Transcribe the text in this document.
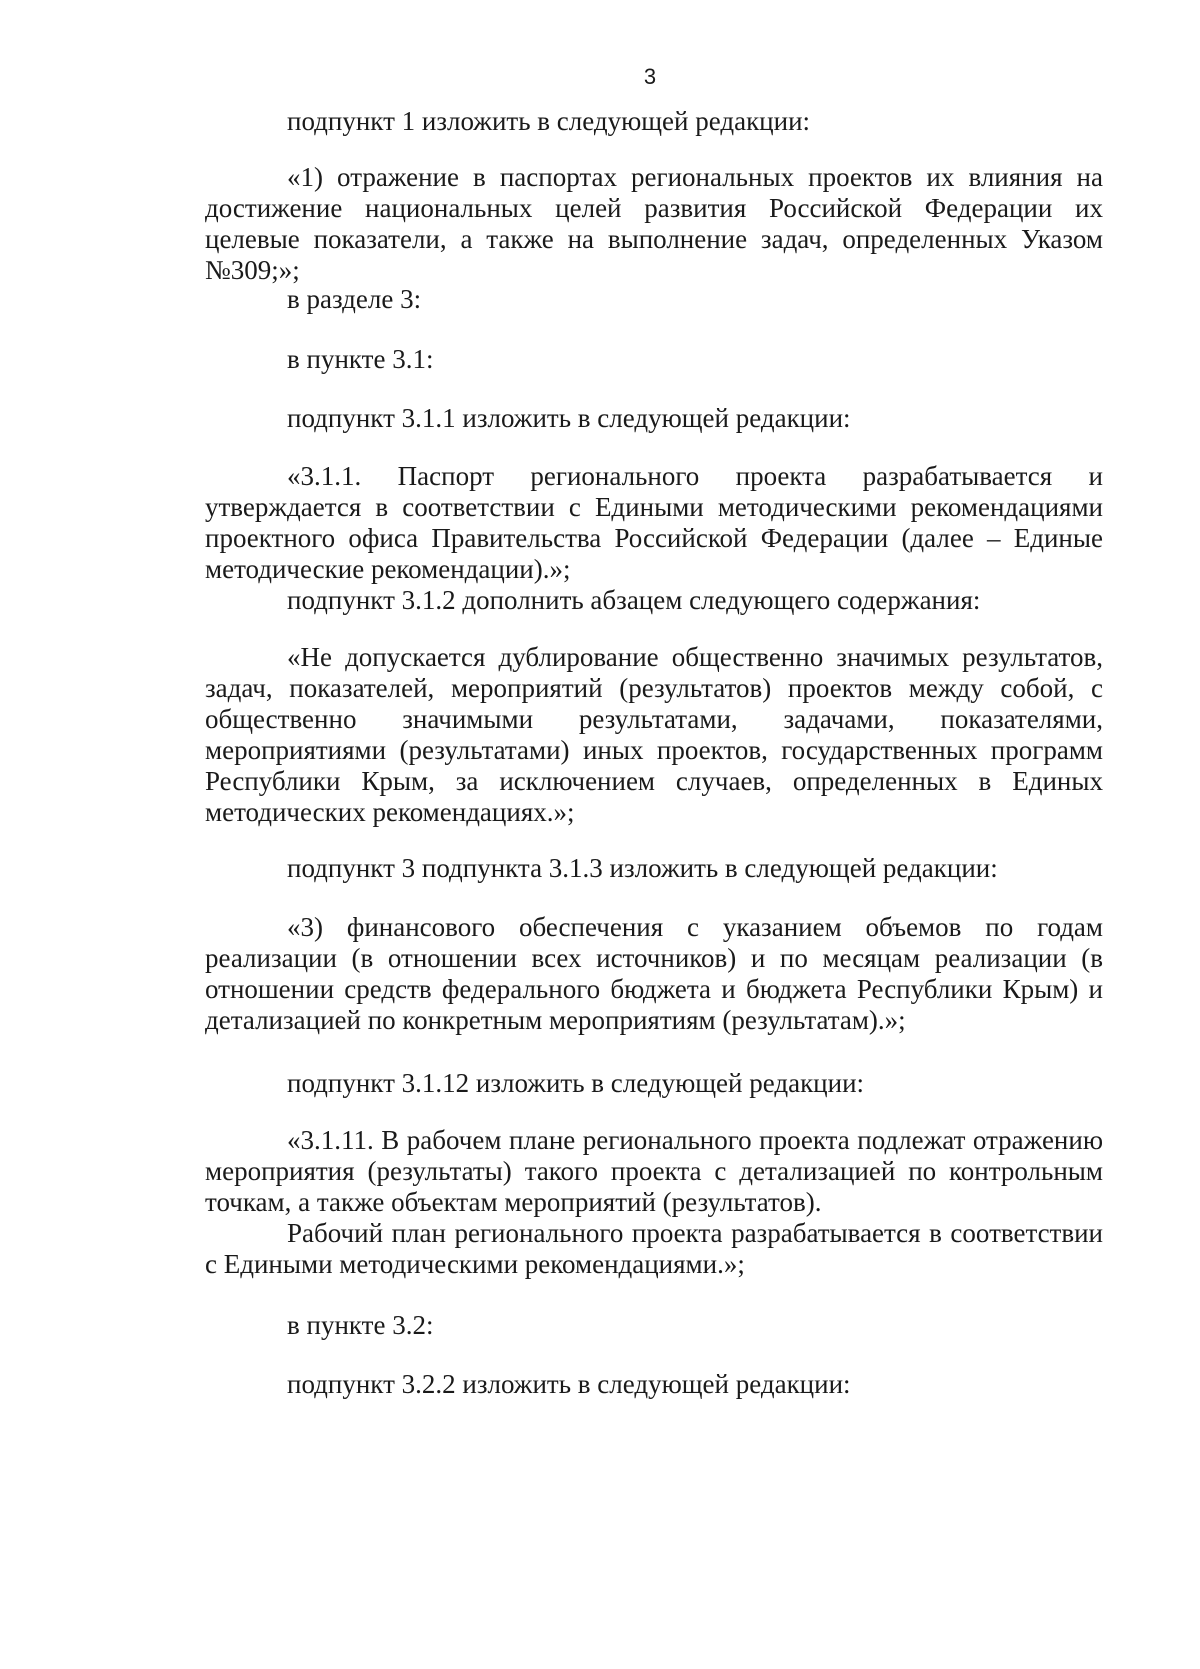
3

подпункт 1 изложить в следующей редакции:

«1) отражение в паспортах региональных проектов их влияния на достижение национальных целей развития Российской Федерации их целевые показатели, а также на выполнение задач, определенных Указом №309;»;

в разделе 3:

в пункте 3.1:

подпункт 3.1.1 изложить в следующей редакции:

«3.1.1. Паспорт регионального проекта разрабатывается и утверждается в соответствии с Едиными методическими рекомендациями проектного офиса Правительства Российской Федерации (далее – Единые методические рекомендации).»;

подпункт 3.1.2 дополнить абзацем следующего содержания:

«Не допускается дублирование общественно значимых результатов, задач, показателей, мероприятий (результатов) проектов между собой, с общественно значимыми результатами, задачами, показателями, мероприятиями (результатами) иных проектов, государственных программ Республики Крым, за исключением случаев, определенных в Единых методических рекомендациях.»;

подпункт 3 подпункта 3.1.3 изложить в следующей редакции:

«3) финансового обеспечения с указанием объемов по годам реализации (в отношении всех источников) и по месяцам реализации (в отношении средств федерального бюджета и бюджета Республики Крым) и детализацией по конкретным мероприятиям (результатам).»;

подпункт 3.1.12 изложить в следующей редакции:

«3.1.11. В рабочем плане регионального проекта подлежат отражению мероприятия (результаты) такого проекта с детализацией по контрольным точкам, а также объектам мероприятий (результатов).

Рабочий план регионального проекта разрабатывается в соответствии с Едиными методическими рекомендациями.»;

в пункте 3.2:

подпункт 3.2.2 изложить в следующей редакции:
